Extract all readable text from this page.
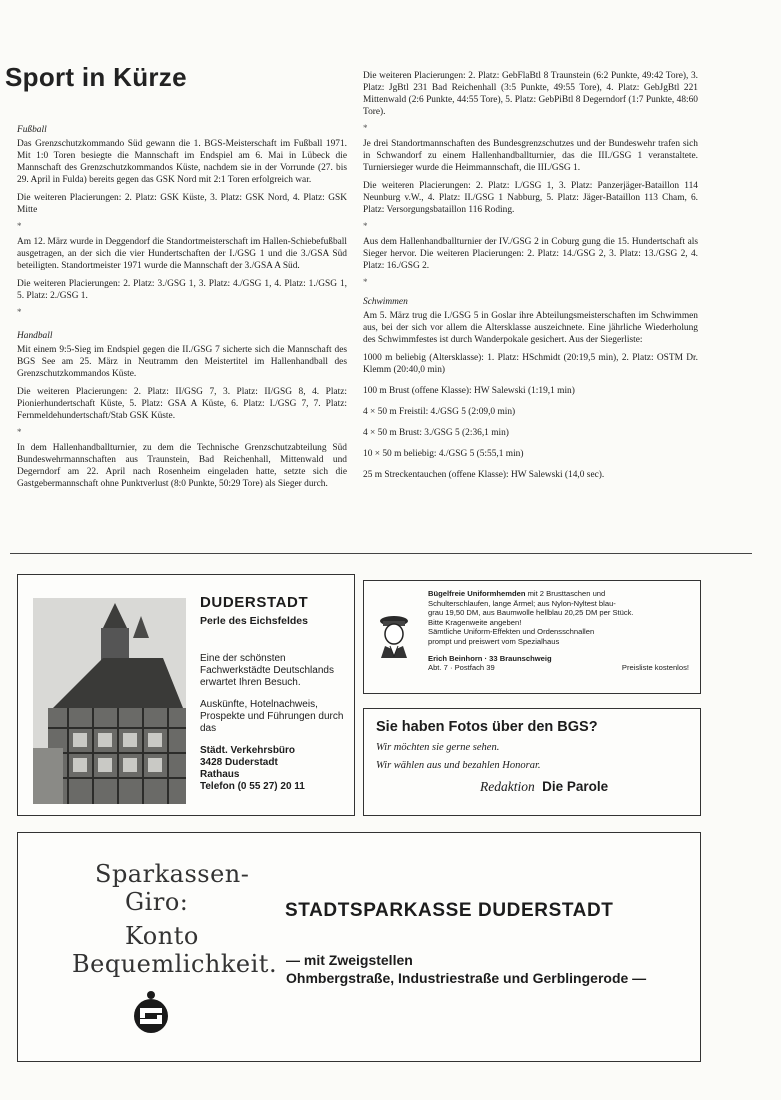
Sport in Kürze

Fußball

Das Grenzschutzkommando Süd gewann die 1. BGS-Meisterschaft im Fußball 1971. Mit 1:0 Toren besiegte die Mannschaft im Endspiel am 6. Mai in Lübeck die Mannschaft des Grenzschutzkommandos Küste, nachdem sie in der Vorrunde (27. bis 29. April in Fulda) bereits gegen das GSK Nord mit 2:1 Toren erfolgreich war.

Die weiteren Placierungen: 2. Platz: GSK Küste, 3. Platz: GSK Nord, 4. Platz: GSK Mitte

*

Am 12. März wurde in Deggendorf die Standortmeisterschaft im Hallen-Schiebefußball ausgetragen, an der sich die vier Hundertschaften der I./GSG 1 und die 3./GSA Süd beteiligten. Standortmeister 1971 wurde die Mannschaft der 3./GSA A Süd.

Die weiteren Placierungen: 2. Platz: 3./GSG 1, 3. Platz: 4./GSG 1, 4. Platz: 1./GSG 1, 5. Platz: 2./GSG 1.

*

Handball

Mit einem 9:5-Sieg im Endspiel gegen die II./GSG 7 sicherte sich die Mannschaft des BGS See am 25. März in Neutramm den Meistertitel im Hallenhandball des Grenzschutzkommandos Küste.

Die weiteren Placierungen: 2. Platz: II/GSG 7, 3. Platz: II/GSG 8, 4. Platz: Pionierhundertschaft Küste, 5. Platz: GSA A Küste, 6. Platz: I./GSG 7, 7. Platz: Fernmeldehundertschaft/Stab GSK Küste.

*

In dem Hallenhandballturnier, zu dem die Technische Grenzschutzabteilung Süd Bundeswehrmannschaften aus Traunstein, Bad Reichenhall, Mittenwald und Degerndorf am 22. April nach Rosenheim eingeladen hatte, setzte sich die Gastgebermannschaft ohne Punktverlust (8:0 Punkte, 50:29 Tore) als Sieger durch.

Die weiteren Placierungen: 2. Platz: GebFlaBtl 8 Traunstein (6:2 Punkte, 49:42 Tore), 3. Platz: JgBtl 231 Bad Reichenhall (3:5 Punkte, 49:55 Tore), 4. Platz: GebJgBtl 221 Mittenwald (2:6 Punkte, 44:55 Tore), 5. Platz: GebPiBtl 8 Degerndorf (1:7 Punkte, 48:60 Tore).

*

Je drei Standortmannschaften des Bundesgrenzschutzes und der Bundeswehr trafen sich in Schwandorf zu einem Hallenhandballturnier, das die III./GSG 1 veranstaltete. Turniersieger wurde die Heimmannschaft, die III./GSG 1.

Die weiteren Placierungen: 2. Platz: I./GSG 1, 3. Platz: Panzerjäger-Bataillon 114 Neunburg v.W., 4. Platz: II./GSG 1 Nabburg, 5. Platz: Jäger-Bataillon 113 Cham, 6. Platz: Versorgungsbataillon 116 Roding.

*

Aus dem Hallenhandballturnier der IV./GSG 2 in Coburg gung die 15. Hundertschaft als Sieger hervor. Die weiteren Placierungen: 2. Platz: 14./GSG 2, 3. Platz: 13./GSG 2, 4. Platz: 16./GSG 2.

*

Schwimmen

Am 5. März trug die I./GSG 5 in Goslar ihre Abteilungsmeisterschaften im Schwimmen aus, bei der sich vor allem die Altersklasse auszeichnete. Eine jährliche Wiederholung des Schwimmfestes ist durch Wanderpokale gesichert. Aus der Siegerliste:

1000 m beliebig (Altersklasse): 1. Platz: HSchmidt (20:19,5 min), 2. Platz: OSTM Dr. Klemm (20:40,0 min)

100 m Brust (offene Klasse): HW Salewski (1:19,1 min)

4 × 50 m Freistil: 4./GSG 5 (2:09,0 min)

4 × 50 m Brust: 3./GSG 5 (2:36,1 min)

10 × 50 m beliebig: 4./GSG 5 (5:55,1 min)

25 m Streckentauchen (offene Klasse): HW Salewski (14,0 sec).

DUDERSTADT
Perle des Eichsfeldes
Eine der schönsten Fachwerkstädte Deutschlands erwartet Ihren Besuch.
Auskünfte, Hotelnachweis, Prospekte und Führungen durch das
Städt. Verkehrsbüro
3428 Duderstadt
Rathaus
Telefon (0 55 27) 20 11
Bügelfreie Uniformhemden mit 2 Brusttaschen und
Schulterschlaufen, lange Ärmel; aus Nylon-Nyltest blau-
grau 19,50 DM, aus Baumwolle hellblau 20,25 DM per Stück.
Bitte Kragenweite angeben!
Sämtliche Uniform-Effekten und Ordensschnallen
prompt und preiswert vom Spezialhaus
Erich Beinhorn · 33 Braunschweig
Abt. 7 · Postfach 39	Preisliste kostenlos!
Sie haben Fotos über den BGS?
Wir möchten sie gerne sehen.
Wir wählen aus und bezahlen Honorar.
Redaktion Die Parole
Sparkassen-
Giro:
Konto
Bequemlichkeit.
STADTSPARKASSE DUDERSTADT
— mit Zweigstellen
Ohmbergstraße, Industriestraße und Gerblingerode —
